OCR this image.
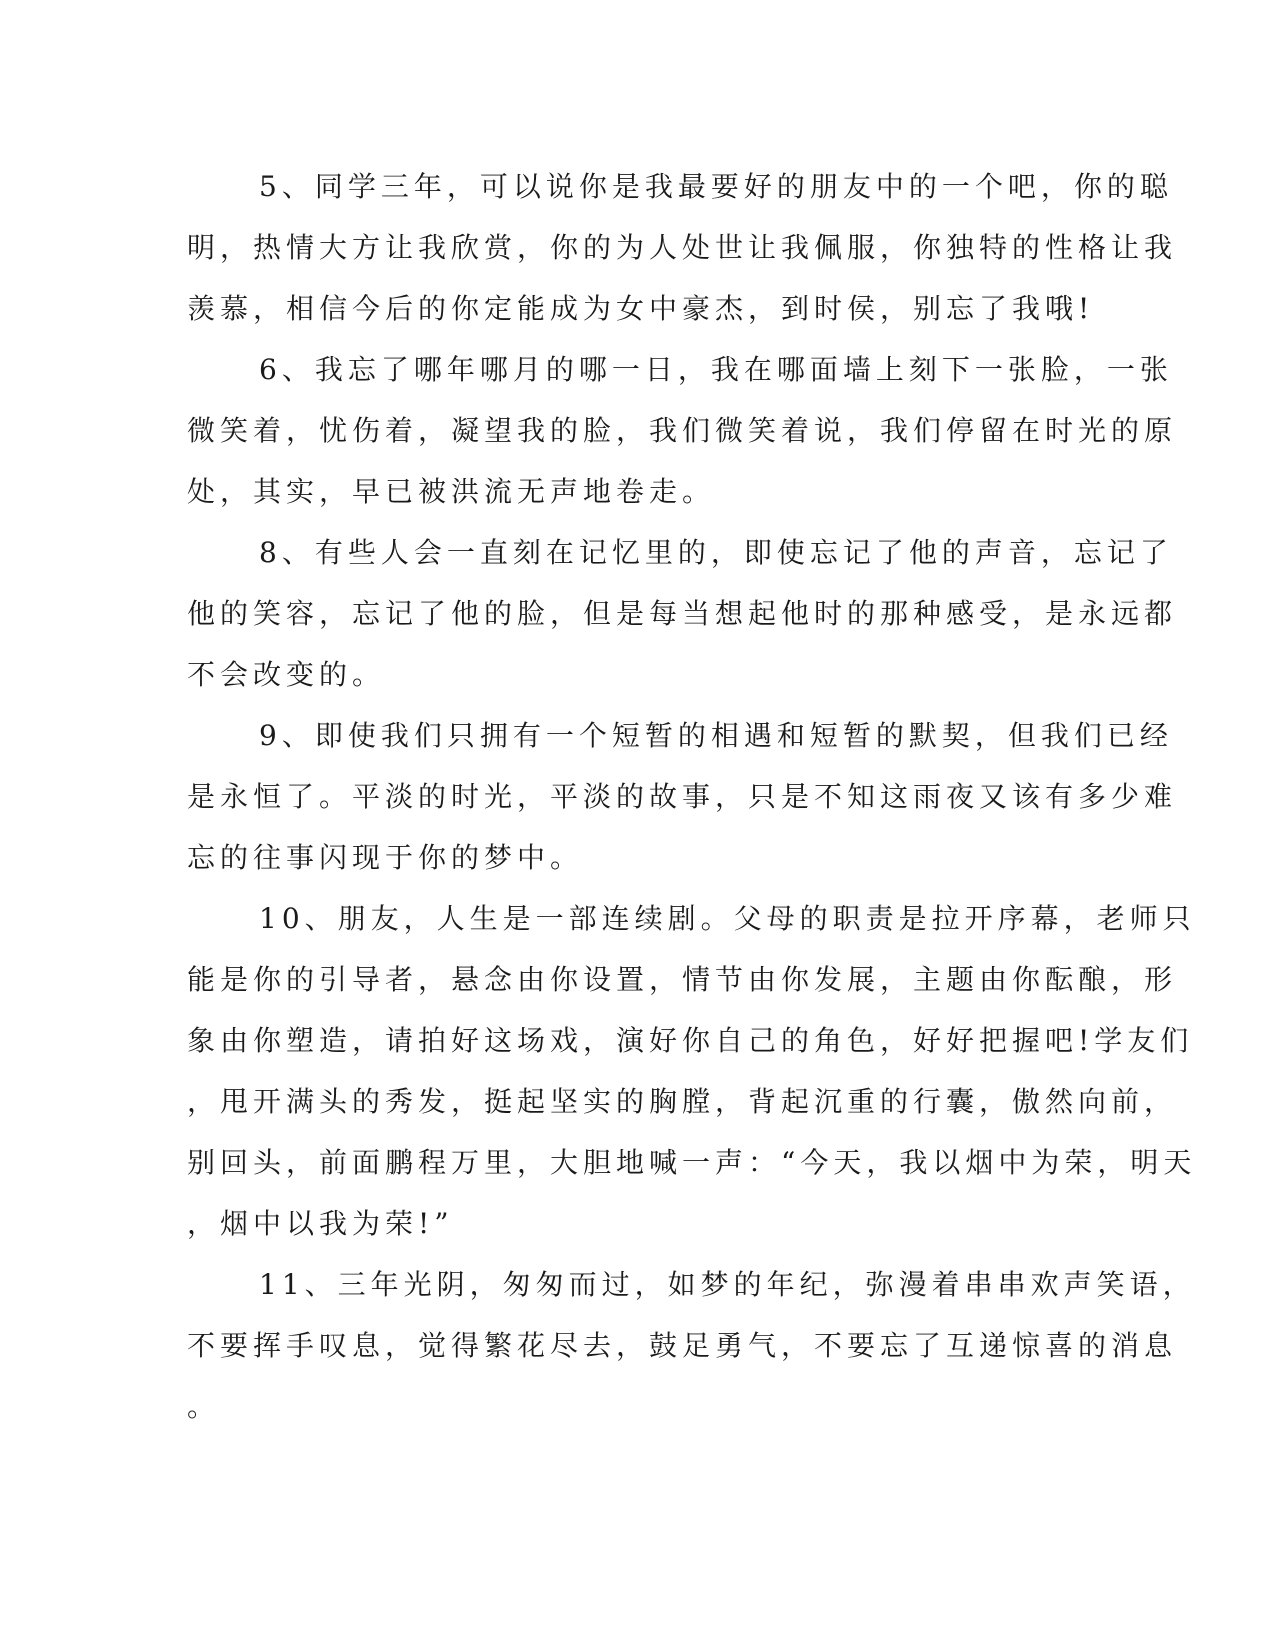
5、同学三年，可以说你是我最要好的朋友中的一个吧，你的聪
明，热情大方让我欣赏，你的为人处世让我佩服，你独特的性格让我
羡慕，相信今后的你定能成为女中豪杰，到时侯，别忘了我哦!

6、我忘了哪年哪月的哪一日，我在哪面墙上刻下一张脸，一张
微笑着，忧伤着，凝望我的脸，我们微笑着说，我们停留在时光的原
处，其实，早已被洪流无声地卷走。

8、有些人会一直刻在记忆里的，即使忘记了他的声音，忘记了
他的笑容，忘记了他的脸，但是每当想起他时的那种感受，是永远都
不会改变的。

9、即使我们只拥有一个短暂的相遇和短暂的默契，但我们已经
是永恒了。平淡的时光，平淡的故事，只是不知这雨夜又该有多少难
忘的往事闪现于你的梦中。

10、朋友，人生是一部连续剧。父母的职责是拉开序幕，老师只
能是你的引导者，悬念由你设置，情节由你发展，主题由你酝酿，形
象由你塑造，请拍好这场戏，演好你自己的角色，好好把握吧!学友们
，甩开满头的秀发，挺起坚实的胸膛，背起沉重的行囊，傲然向前，
别回头，前面鹏程万里，大胆地喊一声：“今天，我以烟中为荣，明天
，烟中以我为荣!”

11、三年光阴，匆匆而过，如梦的年纪，弥漫着串串欢声笑语，
不要挥手叹息，觉得繁花尽去，鼓足勇气，不要忘了互递惊喜的消息
。
